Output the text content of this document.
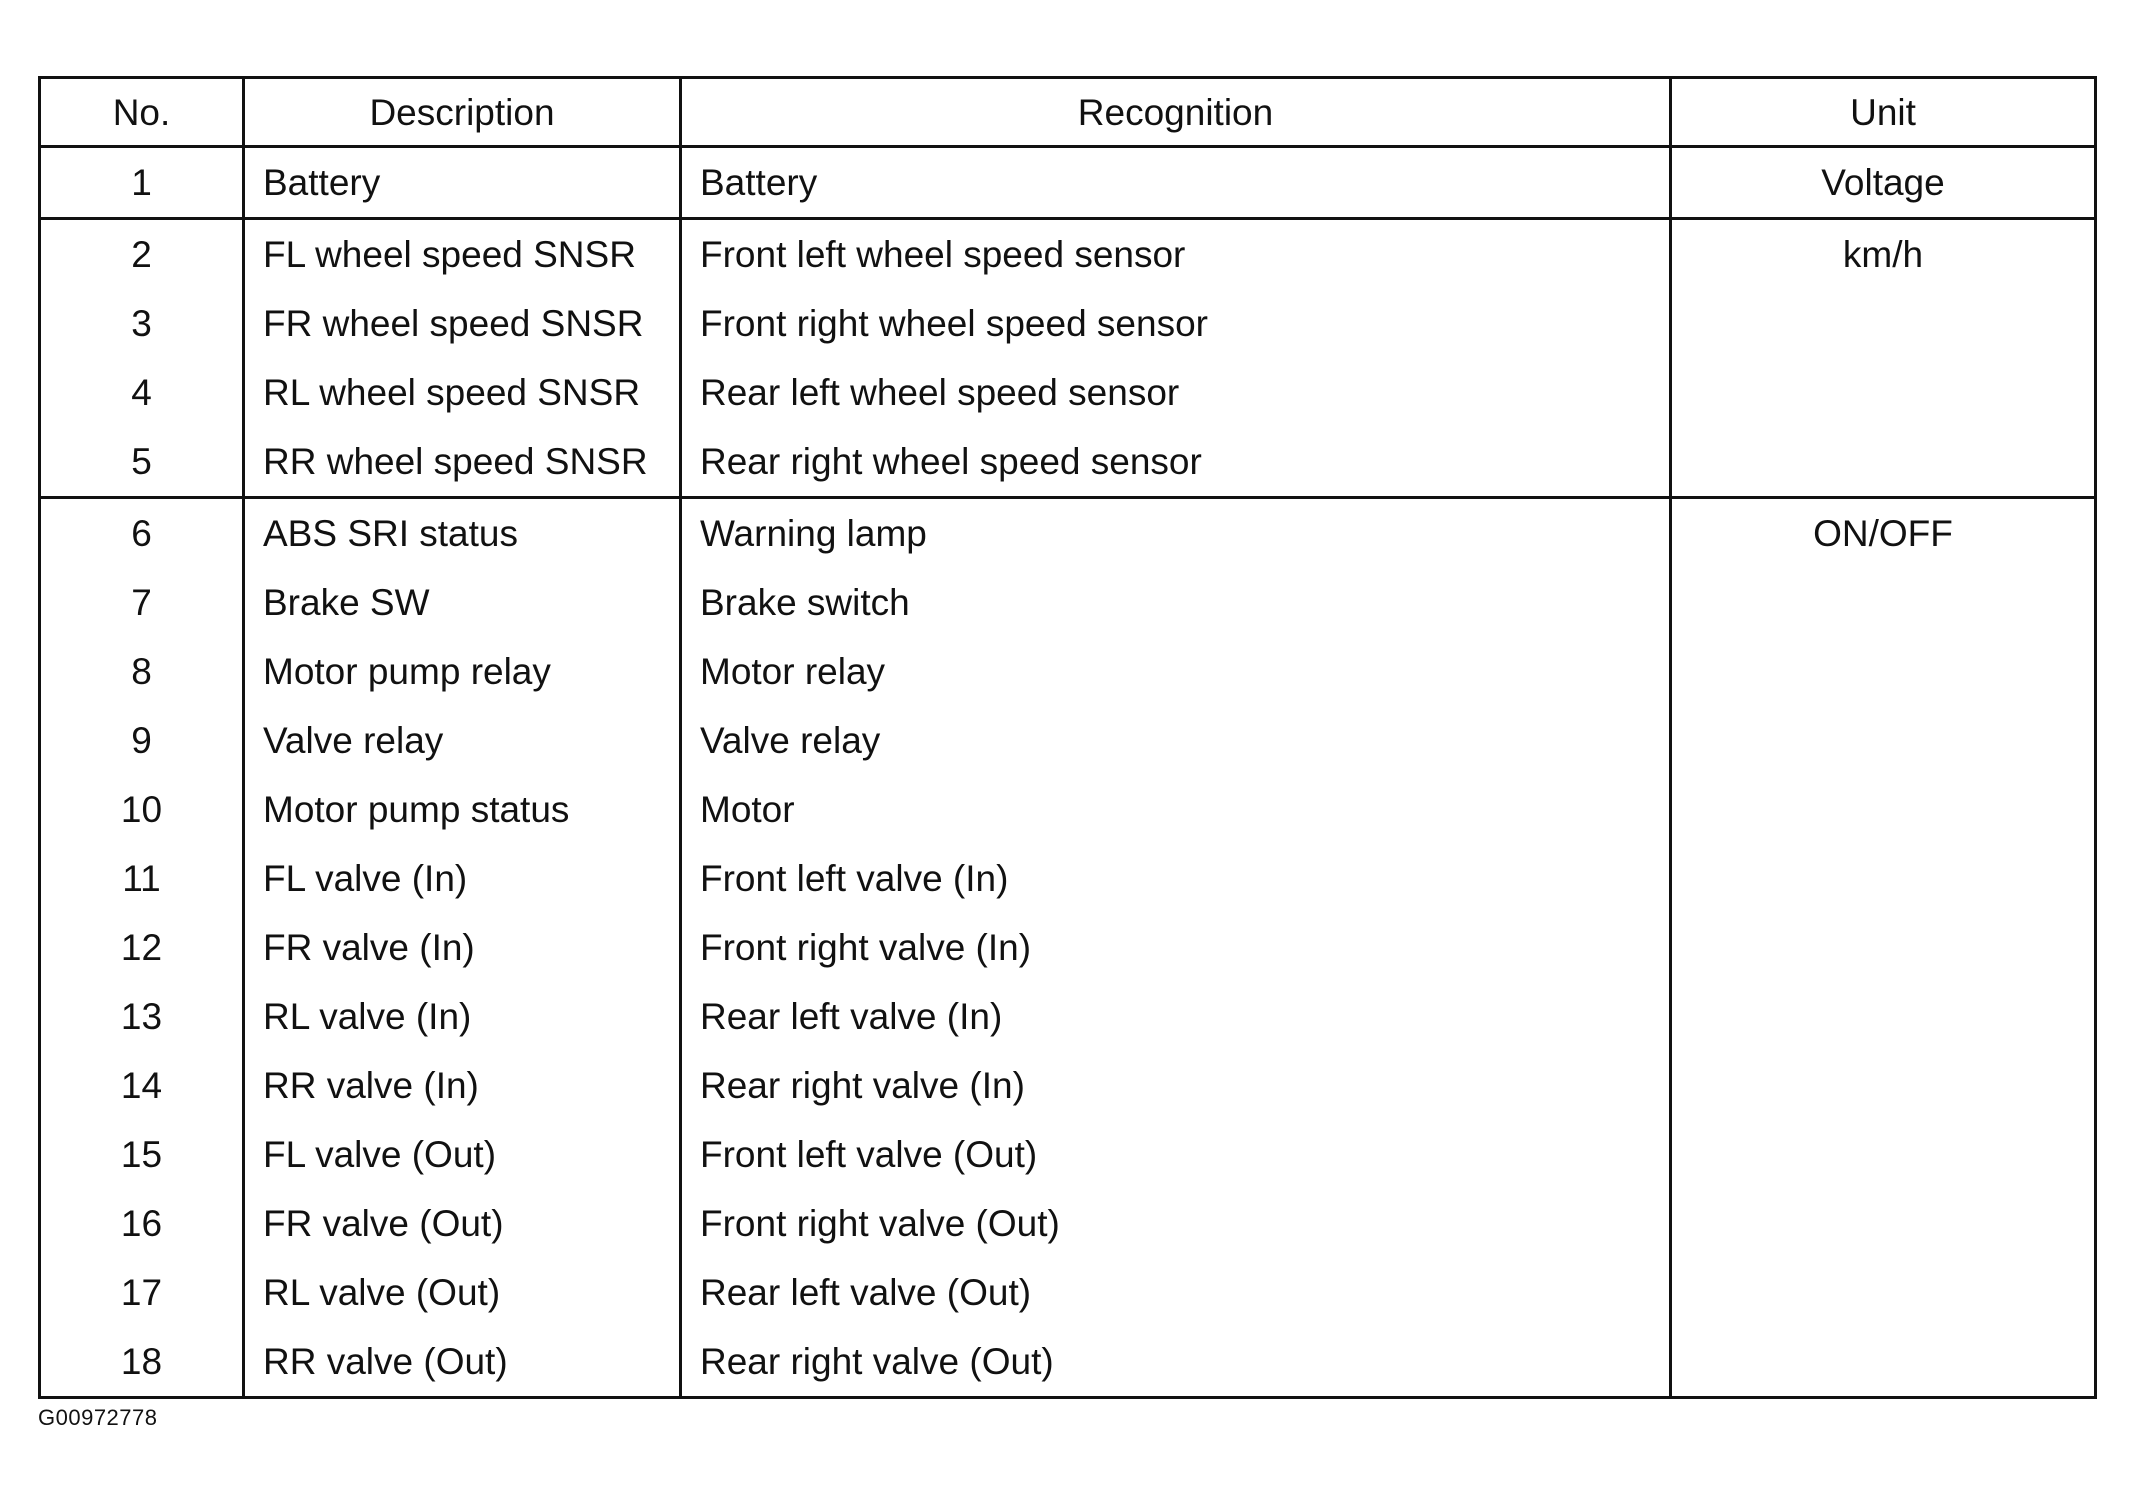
No.	Description	Recognition	Unit
1	Battery	Battery	Voltage
2	FL wheel speed SNSR	Front left wheel speed sensor	km/h
3	FR wheel speed SNSR	Front right wheel speed sensor	
4	RL wheel speed SNSR	Rear left wheel speed sensor	
5	RR wheel speed SNSR	Rear right wheel speed sensor	
6	ABS SRI status	Warning lamp	ON/OFF
7	Brake SW	Brake switch	
8	Motor pump relay	Motor relay	
9	Valve relay	Valve relay	
10	Motor pump status	Motor	
11	FL valve (In)	Front left valve (In)	
12	FR valve (In)	Front right valve (In)	
13	RL valve (In)	Rear left valve (In)	
14	RR valve (In)	Rear right valve (In)	
15	FL valve (Out)	Front left valve (Out)	
16	FR valve (Out)	Front right valve (Out)	
17	RL valve (Out)	Rear left valve (Out)	
18	RR valve (Out)	Rear right valve (Out)	
G00972778
